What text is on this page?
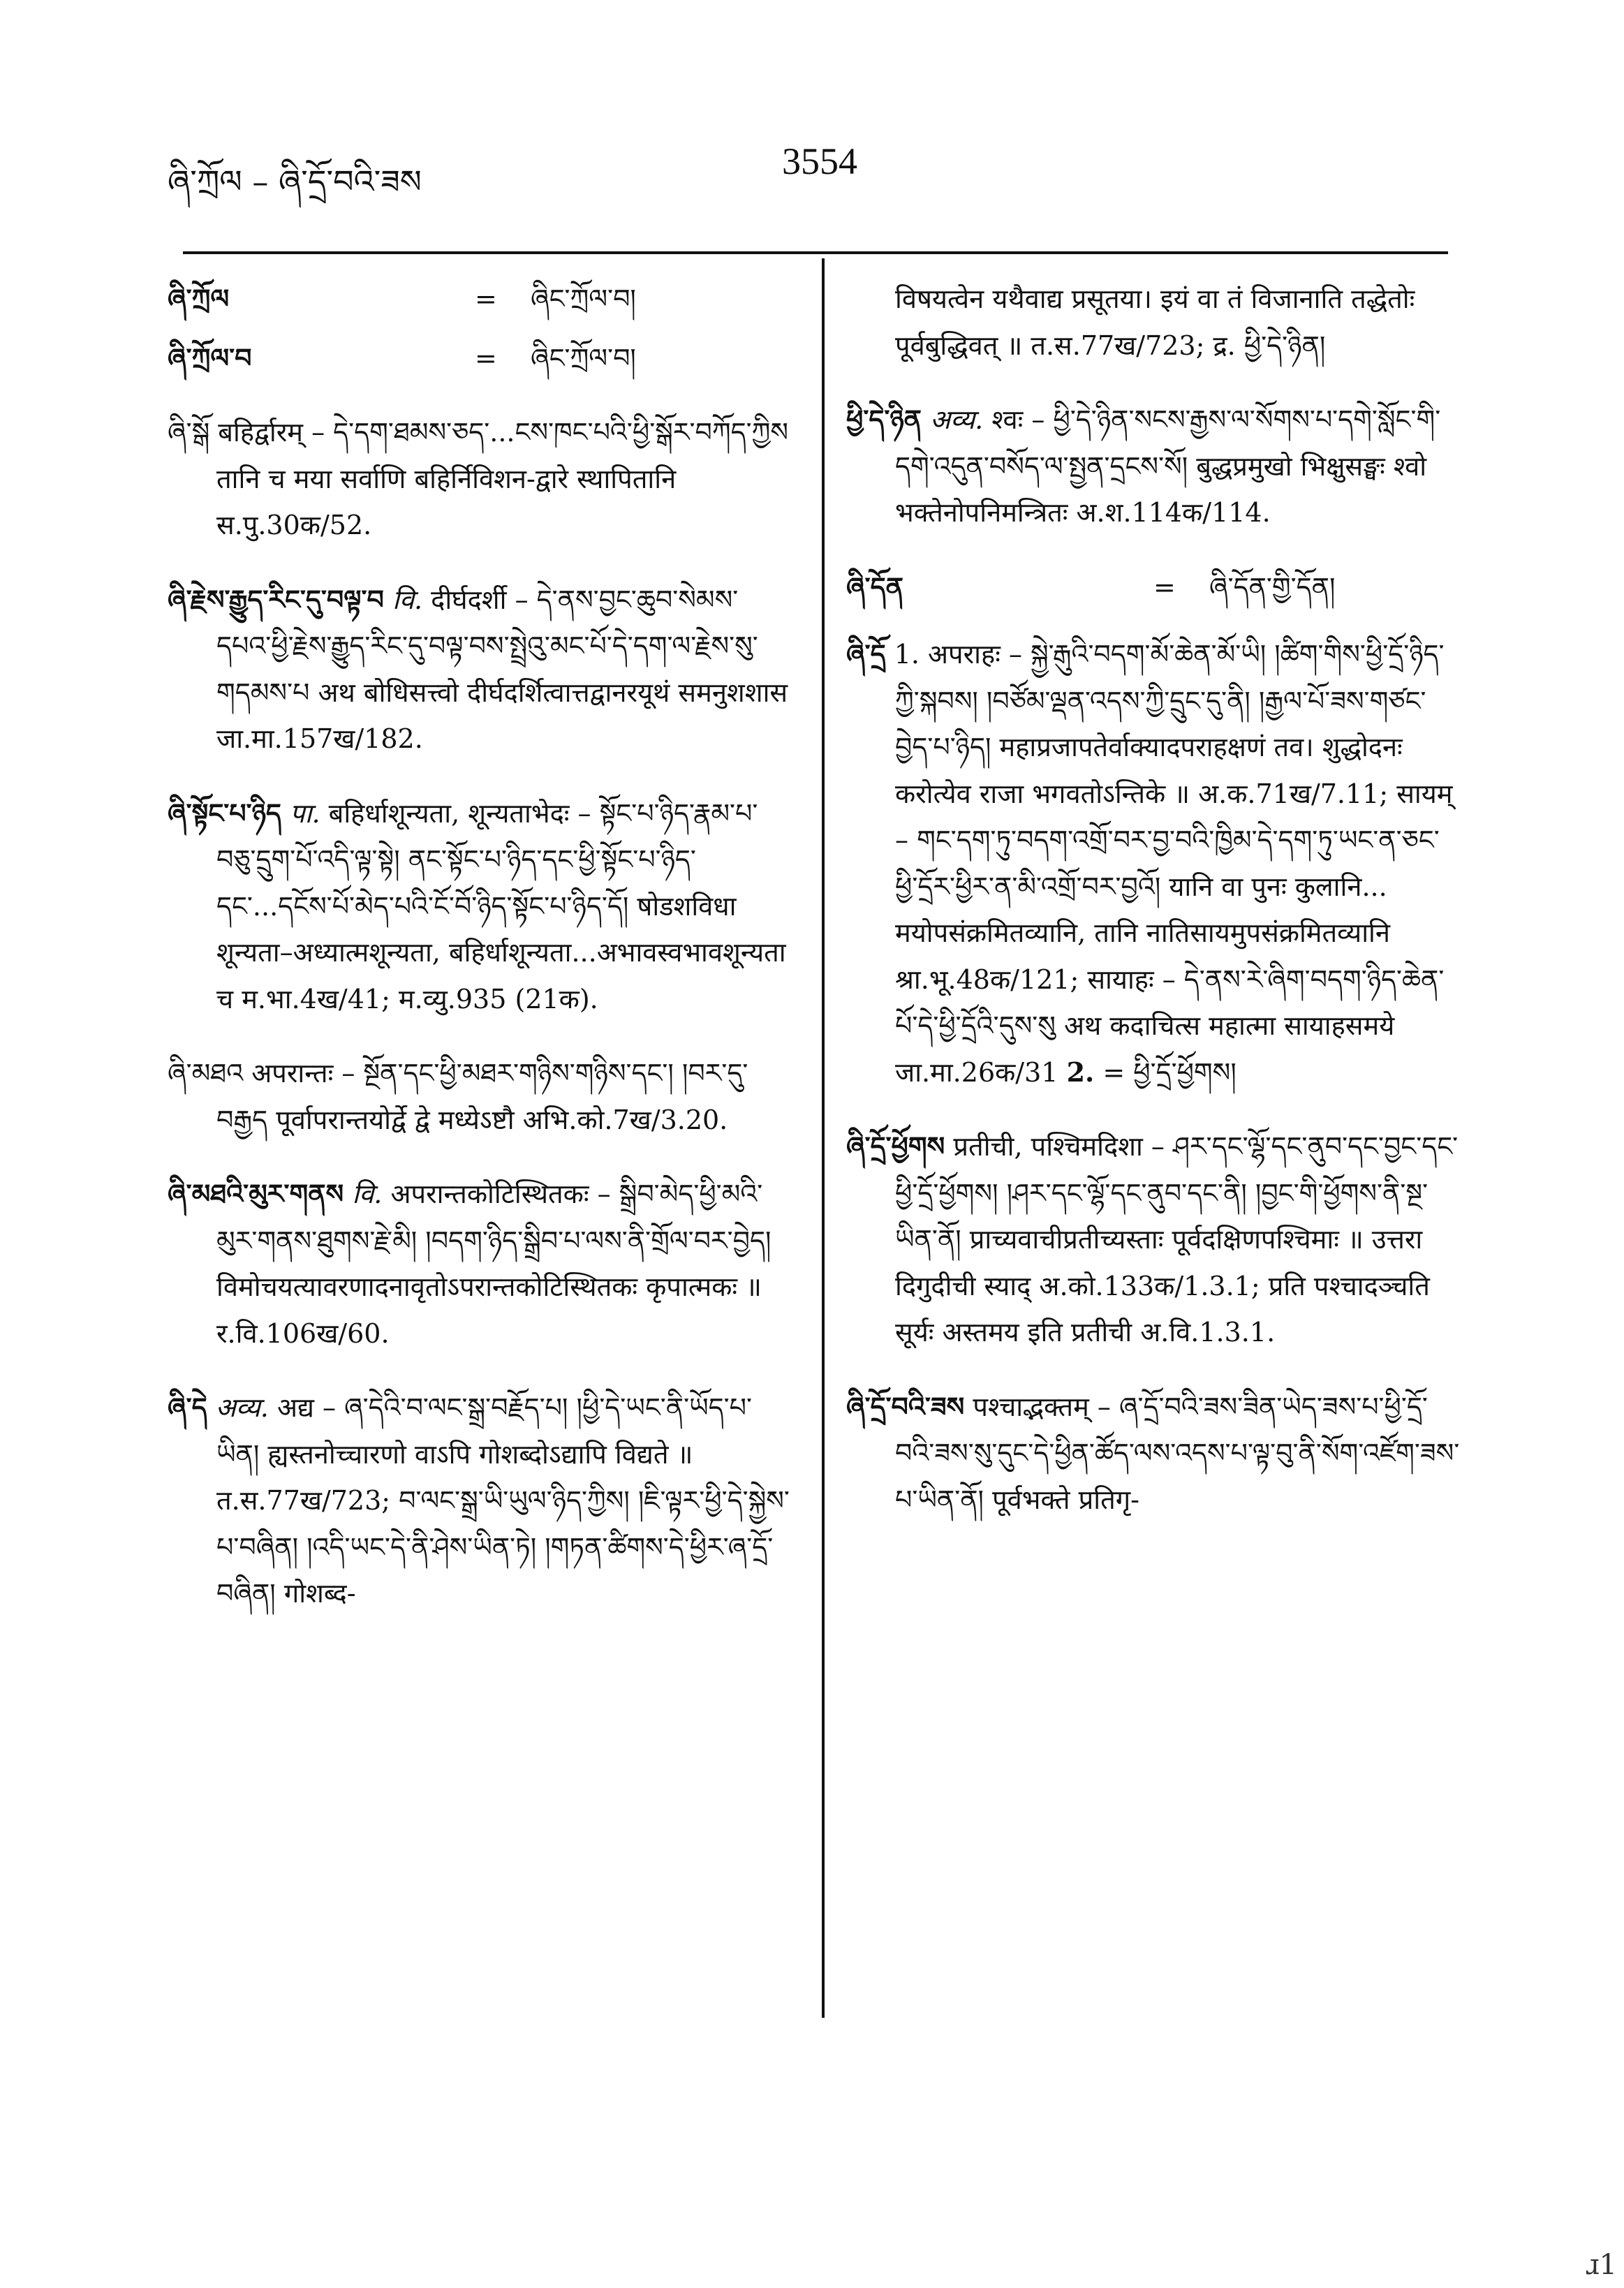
ཞི་ཀྲོལ – ཞི་དྲོ་བའི་ཟས	3554
ཞི་ཀྲོལ	=	ཞིང་ཀྲོལ་བ།
ཞི་ཀྲོལ་བ	=	ཞིང་ཀྲོལ་བ།

ཞི་སྒོ बहिर्द्वारम् – དེ་དག་ཐམས་ཅད་...ངས་ཁང་པའི་ཕྱི་སྒོར་བཀོད་ཀྱིས तानि च मया सर्वाणि बहिर्निविशन-द्वारे स्थापितानि स.पु.30क/52.

ཞི་རྗེས་རྒྱུད་རིང་དུ་བལྟ་བ वि. दीर्घदर्शी – དེ་ནས་བྱང་ཆུབ་སེམས་དཔའ་ཕྱི་རྗེས་རྒྱུད་རིང་དུ་བལྟ་བས་སྤྲེའུ་མང་པོ་དེ་དག་ལ་རྗེས་སུ་གདམས་པ अथ बोधिसत्त्वो दीर्घदर्शित्वात्तद्वानरयूथं समनुशशास जा.मा.157ख/182.

ཞི་སྟོང་པ་ཉིད पा. बहिर्धाशून्यता, शून्यताभेदः – སྟོང་པ་ཉིད་རྣམ་པ་བཅུ་དྲུག་པོ་འདི་ལྟ་སྟེ། ནང་སྟོང་པ་ཉིད་དང་ཕྱི་སྟོང་པ་ཉིད་དང་...དངོས་པོ་མེད་པའི་ངོ་བོ་ཉིད་སྟོང་པ་ཉིད་དོ། षोडशविधा शून्यता–अध्यात्मशून्यता, बहिर्धाशून्यता...अभावस्वभावशून्यता च म.भा.4ख/41; म.व्यु.935 (21क).

ཞི་མཐའ अपरान्तः – སྔོན་དང་ཕྱི་མཐར་གཉིས་གཉིས་དང་། །བར་དུ་བརྒྱད पूर्वापरान्तयोर्द्वे द्वे मध्येऽष्टौ अभि.को.7ख/3.20.

ཞི་མཐའི་མུར་གནས वि. अपरान्तकोटिस्थितकः – སྒྲིབ་མེད་ཕྱི་མའི་མུར་གནས་ཐུགས་རྗེ་མི། །བདག་ཉིད་སྒྲིབ་པ་ལས་ནི་གྲོལ་བར་བྱེད། विमोचयत्यावरणादनावृतोऽपरान्तकोटिस्थितकः कृपात्मकः ॥ र.वि.106ख/60.

ཞི་དེ अव्य. अद्य – ཞ་དེའི་བ་ལང་སྒྲ་བརྗོད་པ། །ཕྱི་དེ་ཡང་ནི་ཡོད་པ་ཡིན། ह्यस्तनोच्चारणो वाऽपि गोशब्दोऽद्यापि विद्यते ॥ त.स.77ख/723; བ་ལང་སྒྲ་ཡི་ཡུལ་ཉིད་ཀྱིས། །ཇི་ལྟར་ཕྱི་དེ་སྐྱེས་པ་བཞིན། །འདི་ཡང་དེ་ནི་ཤེས་ཡིན་ཏེ། །གཏན་ཚིགས་དེ་ཕྱིར་ཞ་དྲོ་བཞིན། गोशब्द-

विषयत्वेन यथैवाद्य प्रसूतया। इयं वा तं विजानाति तद्धेतोः पूर्वबुद्धिवत् ॥ त.स.77ख/723; द्र. ཕྱི་དེ་ཉིན།

ཕྱི་དེ་ཉིན अव्य. श्वः – ཕྱི་དེ་ཉིན་སངས་རྒྱས་ལ་སོགས་པ་དགེ་སློང་གི་དགེ་འདུན་བསོད་ལ་སྤྱན་དྲངས་སོ། बुद्धप्रमुखो भिक्षुसङ्घः श्वो भक्तेनोपनिमन्त्रितः अ.श.114क/114.

ཞི་དོན	=	ཞི་དོན་གྱི་དོན།

ཞི་དྲོ 1. अपराहः – སྐྱེ་རྒུའི་བདག་མོ་ཆེན་མོ་ཡི། །ཚིག་གིས་ཕྱི་དྲོ་ཉིད་ཀྱི་སྐབས། །བཙོམ་ལྡན་འདས་ཀྱི་དྲུང་དུ་ནི། །རྒྱལ་པོ་ཟས་གཙང་བྱེད་པ་ཉིད། महाप्रजापतेर्वाक्यादपराहक्षणं तव। शुद्धोदनः करोत्येव राजा भगवतोऽन्तिके ॥ अ.क.71ख/7.11; सायम् – གང་དག་ཏུ་བདག་འགྲོ་བར་བྱ་བའི་ཁྱིམ་དེ་དག་ཏུ་ཡང་ན་ཅང་ཕྱི་དྲོར་ཕྱིར་ན་མི་འགྲོ་བར་བྱའོ། यानि वा पुनः कुलानि... मयोपसंक्रमितव्यानि, तानि नातिसायमुपसंक्रमितव्यानि श्रा.भू.48क/121; सायाहः – དེ་ནས་རེ་ཞིག་བདག་ཉིད་ཆེན་པོ་དེ་ཕྱི་དྲོའི་དུས་སུ अथ कदाचित्स महात्मा सायाहसमये जा.मा.26क/31 2. = ཕྱི་དྲོ་ཕྱོགས།

ཞི་དྲོ་ཕྱོགས प्रतीची, पश्चिमदिशा – ཤར་དང་ལྷོ་དང་ནུབ་དང་བྱང་དང་ཕྱི་དྲོ་ཕྱོགས། །ཤར་དང་ལྷོ་དང་ནུབ་དང་ནི། །བྱང་གི་ཕྱོགས་ནི་སྔ་ཡིན་ནོ། प्राच्यवाचीप्रतीच्यस्ताः पूर्वदक्षिणपश्चिमाः ॥ उत्तरा दिगुदीची स्याद् अ.को.133क/1.3.1; प्रति पश्चादञ्चति सूर्यः अस्तमय इति प्रतीची अ.वि.1.3.1.

ཞི་དྲོ་བའི་ཟས पश्चाद्भक्तम् – ཞ་དྲོ་བའི་ཟས་ཟིན་ཡེད་ཟས་པ་ཕྱི་དྲོ་བའི་ཟས་སུ་དུང་དེ་ཕྱིན་ཚོད་ལས་འདས་པ་ལྟ་བུ་ནི་སོག་འཛོག་ཟས་པ་ཡིན་ནོ། पूर्वभक्ते प्रतिगृ-

ɹ1
